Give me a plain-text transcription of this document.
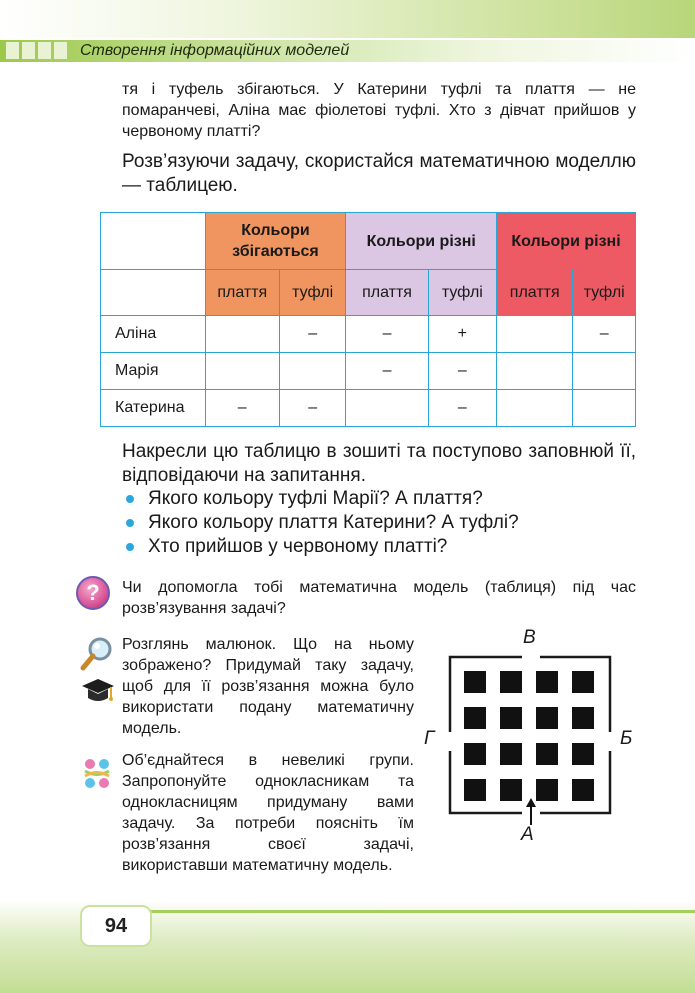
Створення інформаційних моделей
тя і туфель збігаються. У Катерини туфлі та плаття — не помаранчеві, Аліна має фіолетові туфлі. Хто з дівчат прийшов у червоному платті?
Розв’язуючи задачу, скористайся математичною моделлю — таблицею.
	Кольори збігаються		Кольори різні		Кольори різні	
	плаття	туфлі	плаття	туфлі	плаття	туфлі
Аліна		–	–	+		–
Марія			–	–		
Катерина	–	–		–		
Накресли цю таблицю в зошиті та поступово заповнюй її, відповідаючи на запитання.
Якого кольору туфлі Марії? А плаття?
Якого кольору плаття Катерини? А туфлі?
Хто прийшов у червоному платті?
?	Чи допомогла тобі математична модель (таблиця) під час розв’язування задачі?
Розглянь малюнок. Що на ньому зображено? Придумай таку задачу, щоб для її розв’язання можна було використати подану математичну модель.
Об’єднайтеся в невеликі групи. Запропонуйте однокласникам та однокласницям придуману вами задачу. За потреби поясніть їм розв’язання своєї задачі, використавши математичну модель.
В
Б
А
Г
94
